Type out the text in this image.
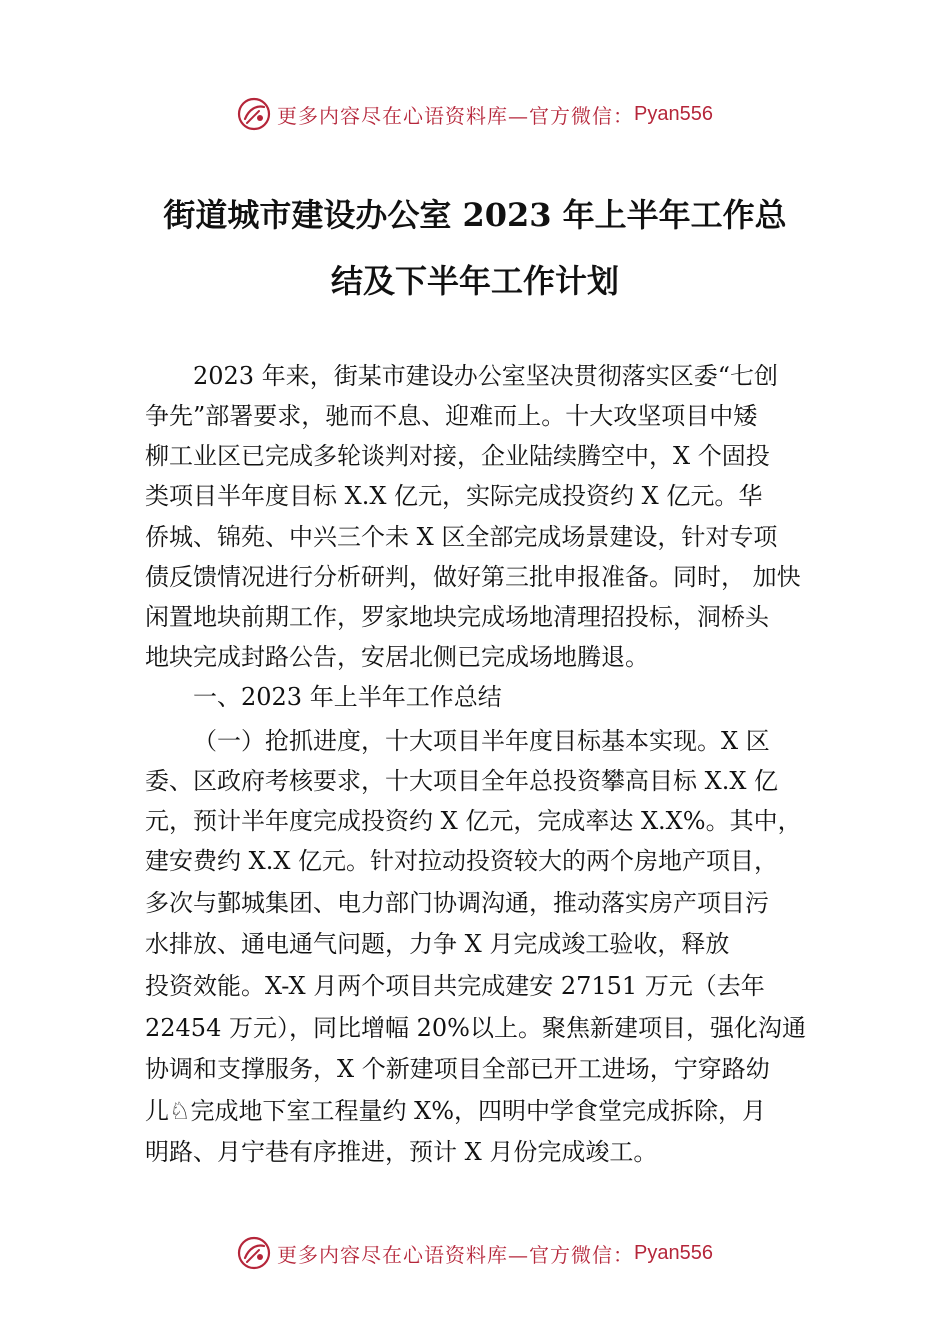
更多内容尽在心语资料库—官方微信： Pyan556
街道城市建设办公室 2023 年上半年工作总
结及下半年工作计划
2023 年来，街某市建设办公室坚决贯彻落实区委“七创
争先”部署要求，驰而不息、迎难而上。十大攻坚项目中矮
柳工业区已完成多轮谈判对接，企业陆续腾空中，X 个固投
类项目半年度目标 X.X 亿元，实际完成投资约 X 亿元。华
侨城、锦苑、中兴三个未 X 区全部完成场景建设，针对专项
债反馈情况进行分析研判，做好第三批申报准备。同时， 加快
闲置地块前期工作，罗家地块完成场地清理招投标，洞桥头
地块完成封路公告，安居北侧已完成场地腾退。
一、2023 年上半年工作总结
（一）抢抓进度，十大项目半年度目标基本实现。X 区
委、区政府考核要求，十大项目全年总投资攀高目标 X.X 亿
元，预计半年度完成投资约 X 亿元，完成率达 X.X%。其中，
建安费约 X.X 亿元。针对拉动投资较大的两个房地产项目，
多次与鄞城集团、电力部门协调沟通，推动落实房产项目污
水排放、通电通气问题，力争 X 月完成竣工验收，释放
投资效能。X-X 月两个项目共完成建安 27151 万元（去年
22454 万元），同比增幅 20%以上。聚焦新建项目，强化沟通
协调和支撑服务，X 个新建项目全部已开工进场，宁穿路幼
儿♘完成地下室工程量约 X%，四明中学食堂完成拆除，月
明路、月宁巷有序推进，预计 X 月份完成竣工。
更多内容尽在心语资料库—官方微信： Pyan556
